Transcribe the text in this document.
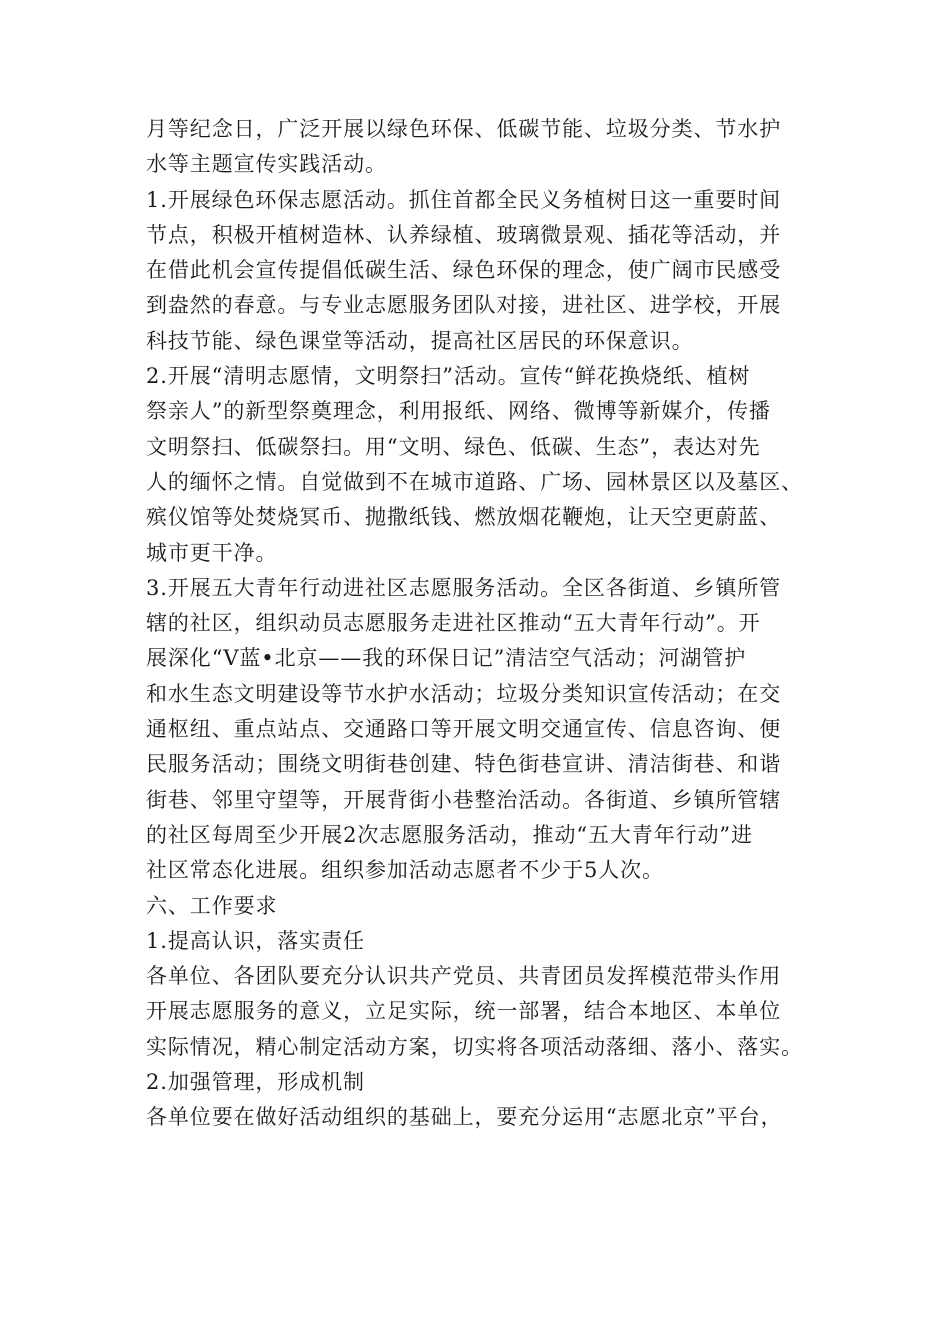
月等纪念日，广泛开展以绿色环保、低碳节能、垃圾分类、节水护
水等主题宣传实践活动。
1.开展绿色环保志愿活动。抓住首都全民义务植树日这一重要时间
节点，积极开植树造林、认养绿植、玻璃微景观、插花等活动，并
在借此机会宣传提倡低碳生活、绿色环保的理念，使广阔市民感受
到盎然的春意。与专业志愿服务团队对接，进社区、进学校，开展
科技节能、绿色课堂等活动，提高社区居民的环保意识。
2.开展“清明志愿情，文明祭扫”活动。宣传“鲜花换烧纸、植树
祭亲人”的新型祭奠理念，利用报纸、网络、微博等新媒介，传播
文明祭扫、低碳祭扫。用“文明、绿色、低碳、生态”，表达对先
人的缅怀之情。自觉做到不在城市道路、广场、园林景区以及墓区、
殡仪馆等处焚烧冥币、抛撒纸钱、燃放烟花鞭炮，让天空更蔚蓝、
城市更干净。
3.开展五大青年行动进社区志愿服务活动。全区各街道、乡镇所管
辖的社区，组织动员志愿服务走进社区推动“五大青年行动”。开
展深化“V蓝•北京——我的环保日记”清洁空气活动；河湖管护
和水生态文明建设等节水护水活动；垃圾分类知识宣传活动；在交
通枢纽、重点站点、交通路口等开展文明交通宣传、信息咨询、便
民服务活动；围绕文明街巷创建、特色街巷宣讲、清洁街巷、和谐
街巷、邻里守望等，开展背街小巷整治活动。各街道、乡镇所管辖
的社区每周至少开展2次志愿服务活动，推动“五大青年行动”进
社区常态化进展。组织参加活动志愿者不少于5人次。
六、工作要求
1.提高认识，落实责任
各单位、各团队要充分认识共产党员、共青团员发挥模范带头作用
开展志愿服务的意义，立足实际，统一部署，结合本地区、本单位
实际情况，精心制定活动方案，切实将各项活动落细、落小、落实。
2.加强管理，形成机制
各单位要在做好活动组织的基础上，要充分运用“志愿北京”平台，
